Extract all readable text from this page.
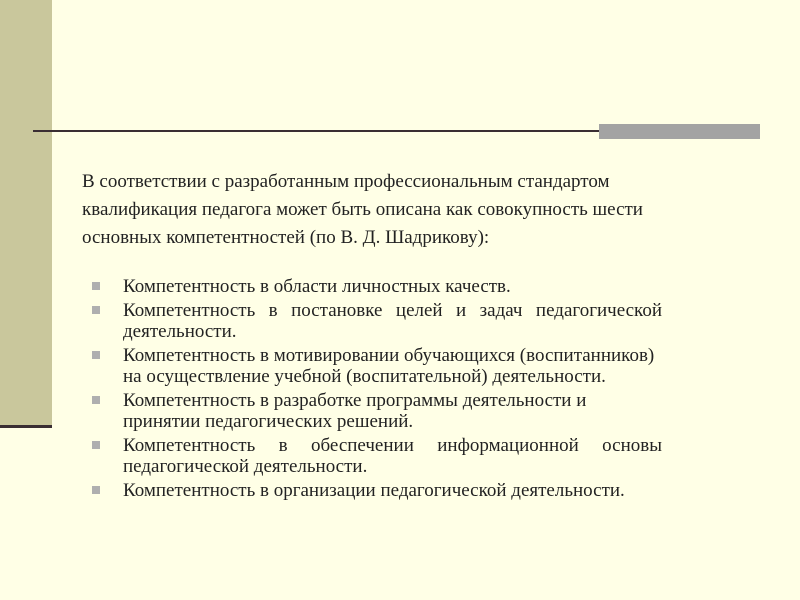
В соответствии с разработанным профессиональным стандартом квалификация педагога может быть описана как совокупность шести основных компетентностей (по В. Д. Шадрикову):

Компетентность в области личностных качеств.
Компетентность в постановке целей и задач педагогической деятельности.
Компетентность в мотивировании обучающихся (воспитанников) на осуществление учебной (воспитательной) деятельности.
Компетентность в разработке программы деятельности и принятии педагогических решений.
Компетентность в обеспечении информационной основы педагогической деятельности.
Компетентность в организации педагогической деятельности.
